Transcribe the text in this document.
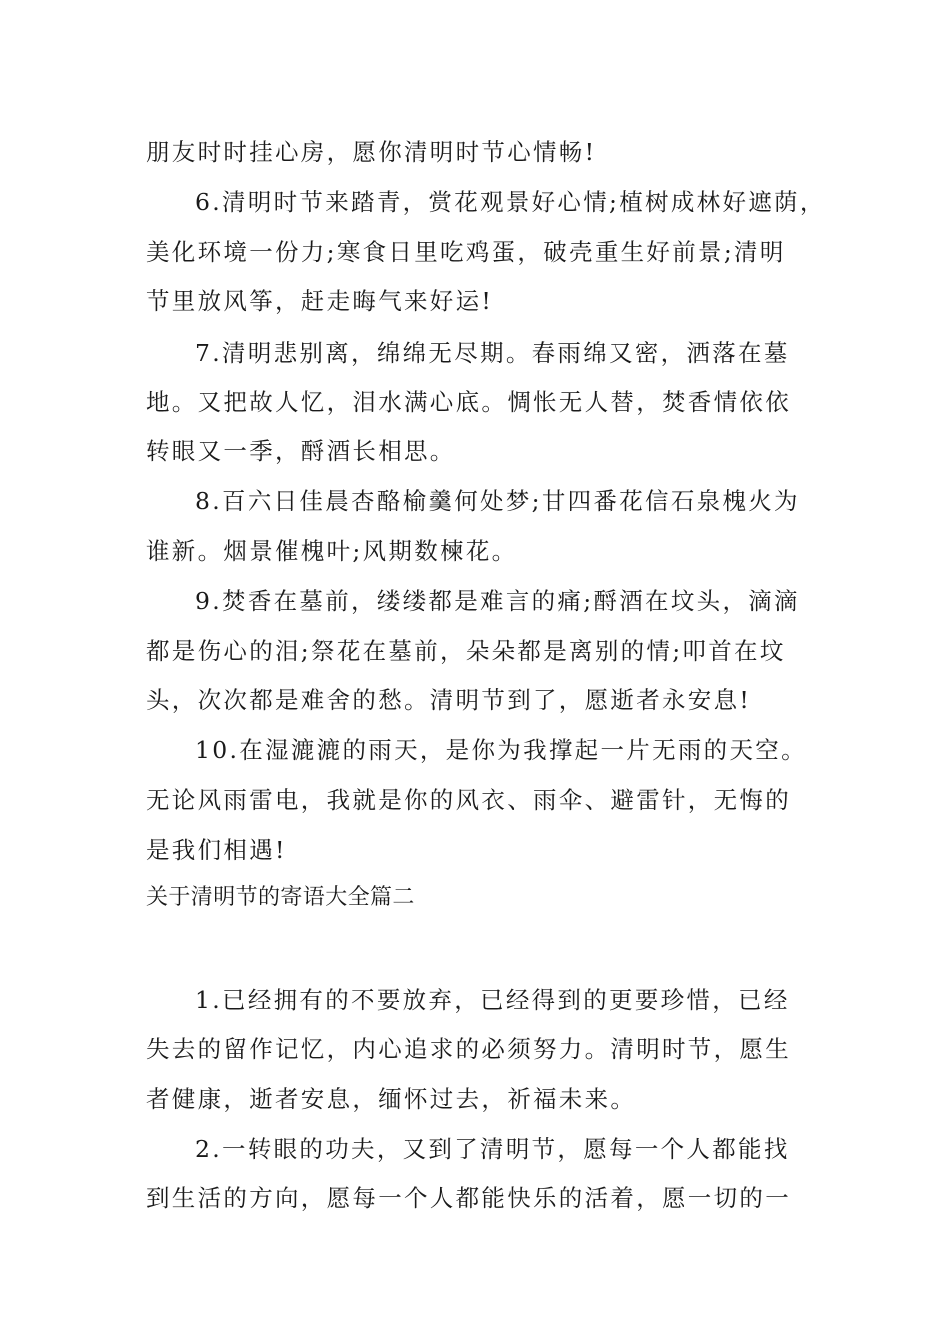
朋友时时挂心房，愿你清明时节心情畅!
6.清明时节来踏青，赏花观景好心情;植树成林好遮荫，
美化环境一份力;寒食日里吃鸡蛋，破壳重生好前景;清明
节里放风筝，赶走晦气来好运!
7.清明悲别离，绵绵无尽期。春雨绵又密，洒落在墓
地。又把故人忆，泪水满心底。惆怅无人替，焚香情依依
转眼又一季，酹酒长相思。
8.百六日佳晨杏酪榆羹何处梦;甘四番花信石泉槐火为
谁新。烟景催槐叶;风期数楝花。
9.焚香在墓前，缕缕都是难言的痛;酹酒在坟头，滴滴
都是伤心的泪;祭花在墓前，朵朵都是离别的情;叩首在坟
头，次次都是难舍的愁。清明节到了，愿逝者永安息!
10.在湿漉漉的雨天，是你为我撑起一片无雨的天空。
无论风雨雷电，我就是你的风衣、雨伞、避雷针，无悔的
是我们相遇!
关于清明节的寄语大全篇二
1.已经拥有的不要放弃，已经得到的更要珍惜，已经
失去的留作记忆，内心追求的必须努力。清明时节，愿生
者健康，逝者安息，缅怀过去，祈福未来。
2.一转眼的功夫，又到了清明节，愿每一个人都能找
到生活的方向，愿每一个人都能快乐的活着，愿一切的一
